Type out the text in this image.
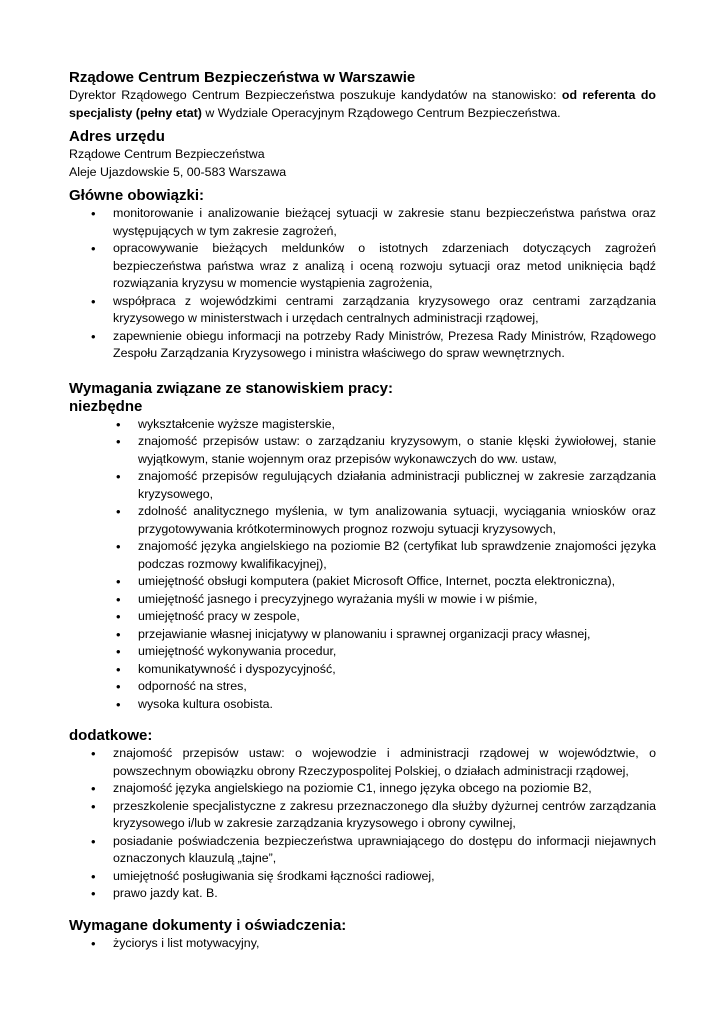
Rządowe Centrum Bezpieczeństwa w Warszawie

Dyrektor Rządowego Centrum Bezpieczeństwa poszukuje kandydatów na stanowisko: od referenta do specjalisty (pełny etat) w Wydziale Operacyjnym Rządowego Centrum Bezpieczeństwa.

Adres urzędu
Rządowe Centrum Bezpieczeństwa
Aleje Ujazdowskie 5, 00-583 Warszawa
Główne obowiązki:
• monitorowanie i analizowanie bieżącej sytuacji w zakresie stanu bezpieczeństwa państwa oraz występujących w tym zakresie zagrożeń,
• opracowywanie bieżących meldunków o istotnych zdarzeniach dotyczących zagrożeń bezpieczeństwa państwa wraz z analizą i oceną rozwoju sytuacji oraz metod uniknięcia bądź rozwiązania kryzysu w momencie wystąpienia zagrożenia,
• współpraca z wojewódzkimi centrami zarządzania kryzysowego oraz centrami zarządzania kryzysowego w ministerstwach i urzędach centralnych administracji rządowej,
• zapewnienie obiegu informacji na potrzeby Rady Ministrów, Prezesa Rady Ministrów, Rządowego Zespołu Zarządzania Kryzysowego i ministra właściwego do spraw wewnętrznych.
Wymagania związane ze stanowiskiem pracy:
niezbędne
• wykształcenie wyższe magisterskie,
• znajomość przepisów ustaw: o zarządzaniu kryzysowym, o stanie klęski żywiołowej, stanie wyjątkowym, stanie wojennym oraz przepisów wykonawczych do ww. ustaw,
• znajomość przepisów regulujących działania administracji publicznej w zakresie zarządzania kryzysowego,
• zdolność analitycznego myślenia, w tym analizowania sytuacji, wyciągania wniosków oraz przygotowywania krótkoterminowych prognoz rozwoju sytuacji kryzysowych,
• znajomość języka angielskiego na poziomie B2 (certyfikat lub sprawdzenie znajomości języka podczas rozmowy kwalifikacyjnej),
• umiejętność obsługi komputera (pakiet Microsoft Office, Internet, poczta elektroniczna),
• umiejętność jasnego i precyzyjnego wyrażania myśli w mowie i w piśmie,
• umiejętność pracy w zespole,
• przejawianie własnej inicjatywy w planowaniu i sprawnej organizacji pracy własnej,
• umiejętność wykonywania procedur,
• komunikatywność i dyspozycyjność,
• odporność na stres,
• wysoka kultura osobista.
dodatkowe:
• znajomość przepisów ustaw: o wojewodzie i administracji rządowej w województwie, o powszechnym obowiązku obrony Rzeczypospolitej Polskiej, o działach administracji rządowej,
• znajomość języka angielskiego na poziomie C1, innego języka obcego na poziomie B2,
• przeszkolenie specjalistyczne z zakresu przeznaczonego dla służby dyżurnej centrów zarządzania kryzysowego i/lub w zakresie zarządzania kryzysowego i obrony cywilnej,
• posiadanie poświadczenia bezpieczeństwa uprawniającego do dostępu do informacji niejawnych oznaczonych klauzulą „tajne”,
• umiejętność posługiwania się środkami łączności radiowej,
• prawo jazdy kat. B.
Wymagane dokumenty i oświadczenia:
• życiorys i list motywacyjny,
